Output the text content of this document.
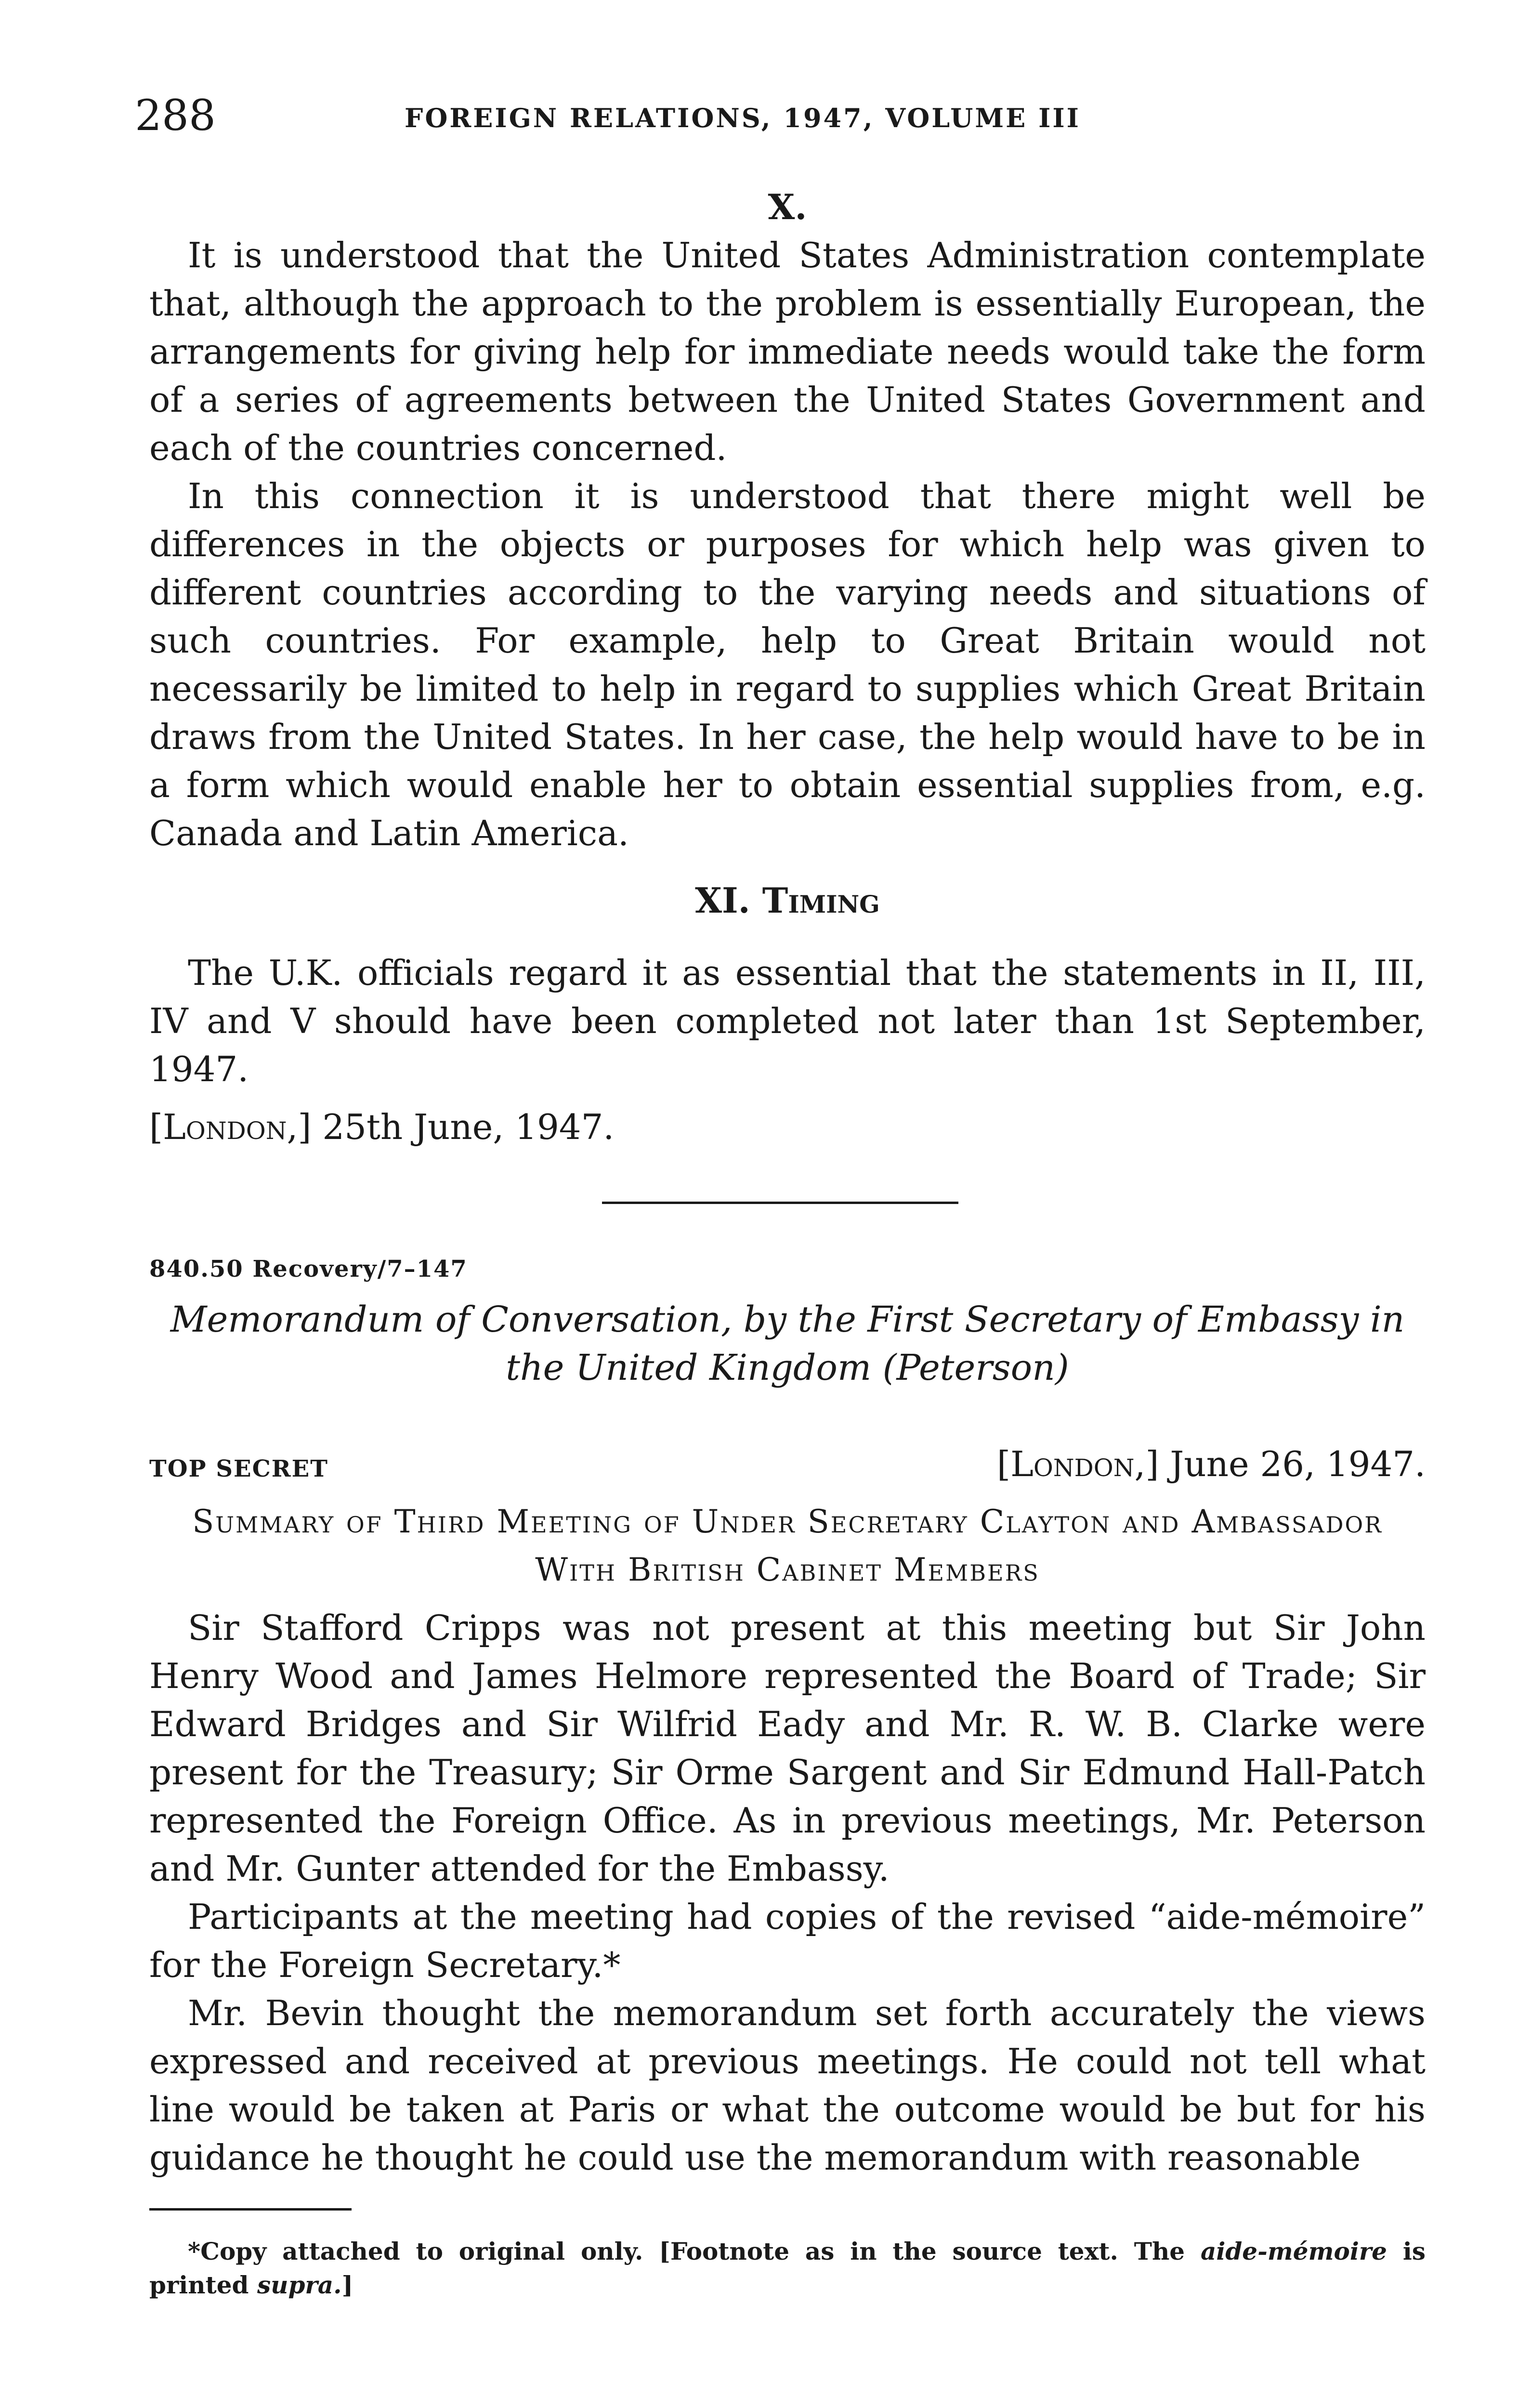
288	FOREIGN RELATIONS, 1947, VOLUME III
X.

It is understood that the United States Administration contemplate that, although the approach to the problem is essentially European, the arrangements for giving help for immediate needs would take the form of a series of agreements between the United States Government and each of the countries concerned.

In this connection it is understood that there might well be differences in the objects or purposes for which help was given to different countries according to the varying needs and situations of such countries. For example, help to Great Britain would not necessarily be limited to help in regard to supplies which Great Britain draws from the United States. In her case, the help would have to be in a form which would enable her to obtain essential supplies from, e.g. Canada and Latin America.

XI. Timing

The U.K. officials regard it as essential that the statements in II, III, IV and V should have been completed not later than 1st September, 1947.

[London,] 25th June, 1947.

840.50 Recovery/7–147
Memorandum of Conversation, by the First Secretary of Embassy in the United Kingdom (Peterson)
TOP SECRET	[London,] June 26, 1947.
Summary of Third Meeting of Under Secretary Clayton and Ambassador With British Cabinet Members

Sir Stafford Cripps was not present at this meeting but Sir John Henry Wood and James Helmore represented the Board of Trade; Sir Edward Bridges and Sir Wilfrid Eady and Mr. R. W. B. Clarke were present for the Treasury; Sir Orme Sargent and Sir Edmund Hall-Patch represented the Foreign Office. As in previous meetings, Mr. Peterson and Mr. Gunter attended for the Embassy.

Participants at the meeting had copies of the revised “aide-mémoire” for the Foreign Secretary.*

Mr. Bevin thought the memorandum set forth accurately the views expressed and received at previous meetings. He could not tell what line would be taken at Paris or what the outcome would be but for his guidance he thought he could use the memorandum with reasonable

*Copy attached to original only. [Footnote as in the source text. The aide-mémoire is printed supra.]
